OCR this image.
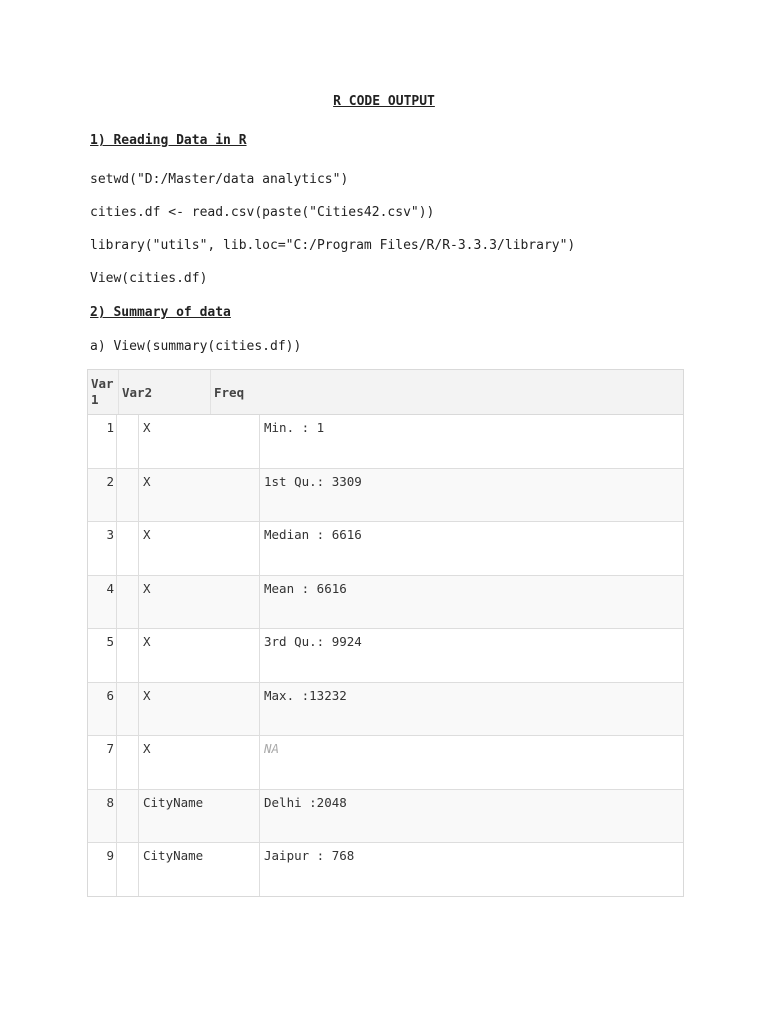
R CODE OUTPUT
1) Reading Data in R
setwd("D:/Master/data analytics")
cities.df <- read.csv(paste("Cities42.csv"))
library("utils", lib.loc="C:/Program Files/R/R-3.3.3/library")
View(cities.df)
2) Summary of data
a) View(summary(cities.df))
Var1	Var2	Freq
1	X	Min. : 1
2	X	1st Qu.: 3309
3	X	Median : 6616
4	X	Mean : 6616
5	X	3rd Qu.: 9924
6	X	Max. :13232
7	X	NA
8	CityName	Delhi :2048
9	CityName	Jaipur : 768
